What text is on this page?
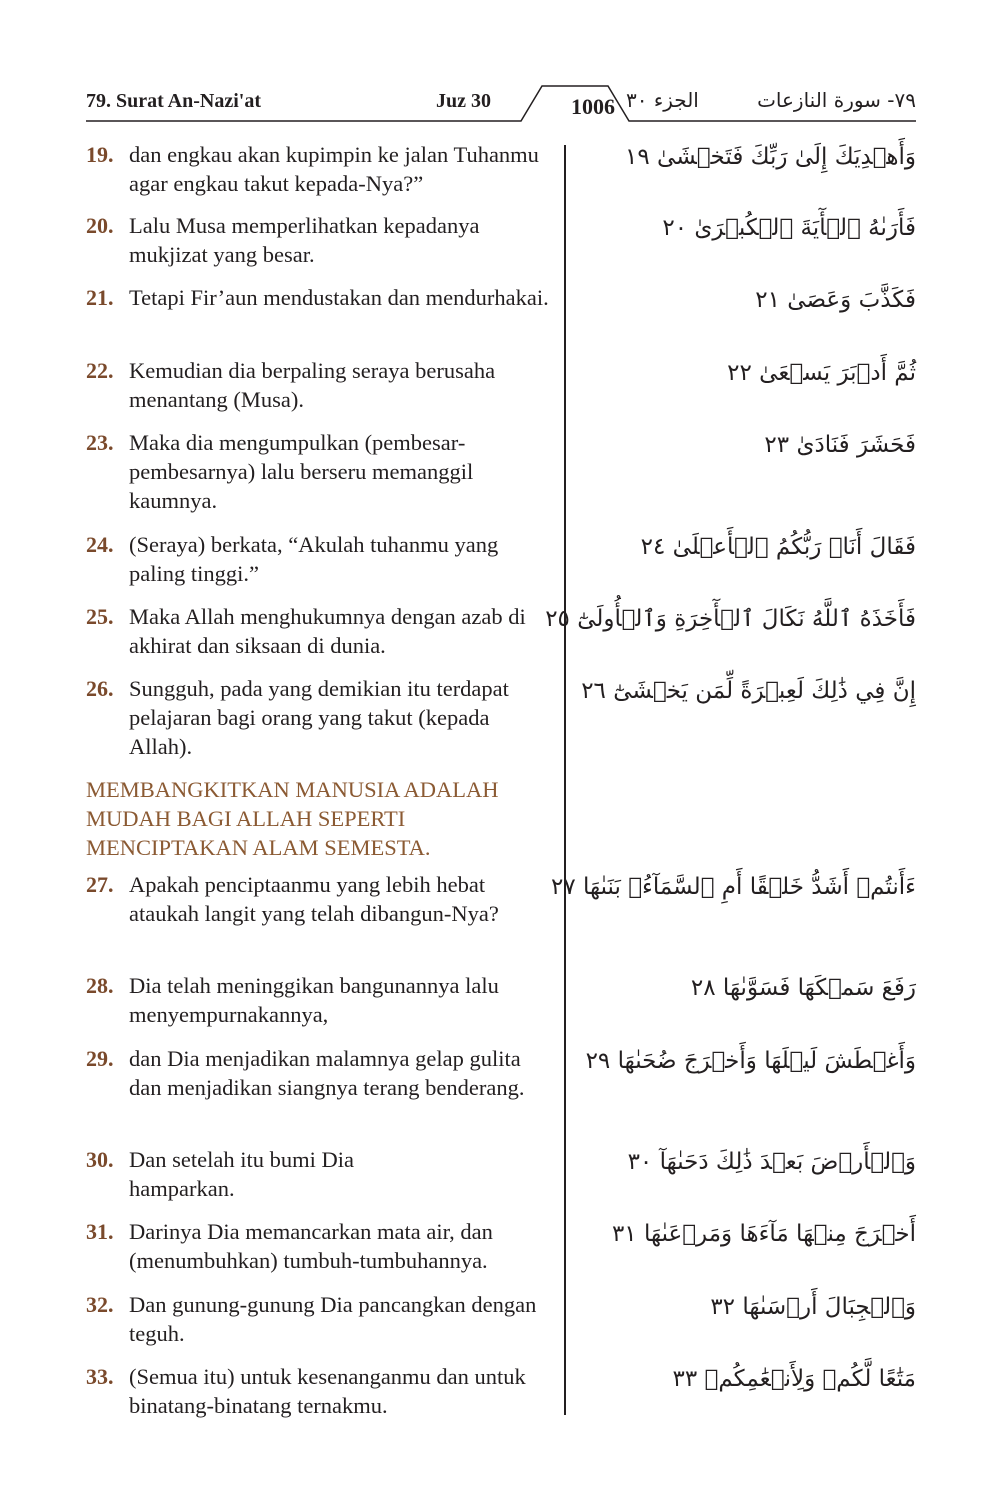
79. Surat An-Nazi'at	Juz 30	1006 الجزء ٣٠	٧٩- سورة النازعات
19. dan engkau akan kupimpin ke jalan Tuhanmu agar engkau takut kepada-Nya?”
وَأَهۡدِيَكَ إِلَىٰ رَبِّكَ فَتَخۡشَىٰ ١٩
20. Lalu Musa memperlihatkan kepadanya mukjizat yang besar.
فَأَرَىٰهُ ٱلۡأٓيَةَ ٱلۡكُبۡرَىٰ ٢٠
21. Tetapi Fir’aun mendustakan dan mendurhakai.	فَكَذَّبَ وَعَصَىٰ ٢١
22. Kemudian dia berpaling seraya berusaha menantang (Musa).
ثُمَّ أَدۡبَرَ يَسۡعَىٰ ٢٢
23. Maka dia mengumpulkan (pembesar-pembesarnya) lalu berseru memanggil kaumnya.
فَحَشَرَ فَنَادَىٰ ٢٣
24. (Seraya) berkata, “Akulah tuhanmu yang paling tinggi.”
فَقَالَ أَنَا۠ رَبُّكُمُ ٱلۡأَعۡلَىٰ ٢٤
25. Maka Allah menghukumnya dengan azab di akhirat dan siksaan di dunia.
فَأَخَذَهُ ٱللَّهُ نَكَالَ ٱلۡأٓخِرَةِ وَٱلۡأُولَىٰٓ ٢٥
26. Sungguh, pada yang demikian itu terdapat pelajaran bagi orang yang takut (kepada Allah).
إِنَّ فِي ذَٰلِكَ لَعِبۡرَةً لِّمَن يَخۡشَىٰٓ ٢٦
MEMBANGKITKAN MANUSIA ADALAH MUDAH BAGI ALLAH SEPERTI MENCIPTAKAN ALAM SEMESTA.
27. Apakah penciptaanmu yang lebih hebat ataukah langit yang telah dibangun-Nya?
ءَأَنتُمۡ أَشَدُّ خَلۡقًا أَمِ ٱلسَّمَآءُۚ بَنَىٰهَا ٢٧
28. Dia telah meninggikan bangunannya lalu menyempurnakannya,
رَفَعَ سَمۡكَهَا فَسَوَّىٰهَا ٢٨
29. dan Dia menjadikan malamnya gelap gulita dan menjadikan siangnya terang benderang.
وَأَغۡطَشَ لَيۡلَهَا وَأَخۡرَجَ ضُحَىٰهَا ٢٩
30. Dan setelah itu bumi Dia hamparkan.
وَٱلۡأَرۡضَ بَعۡدَ ذَٰلِكَ دَحَىٰهَآ ٣٠
31. Darinya Dia memancarkan mata air, dan (menumbuhkan) tumbuh-tumbuhannya.
أَخۡرَجَ مِنۡهَا مَآءَهَا وَمَرۡعَىٰهَا ٣١
32. Dan gunung-gunung Dia pancangkan dengan teguh.
وَٱلۡجِبَالَ أَرۡسَىٰهَا ٣٢
33. (Semua itu) untuk kesenanganmu dan untuk binatang-binatang ternakmu.
مَتَٰعًا لَّكُمۡ وَلِأَنۡعَٰمِكُمۡ ٣٣
